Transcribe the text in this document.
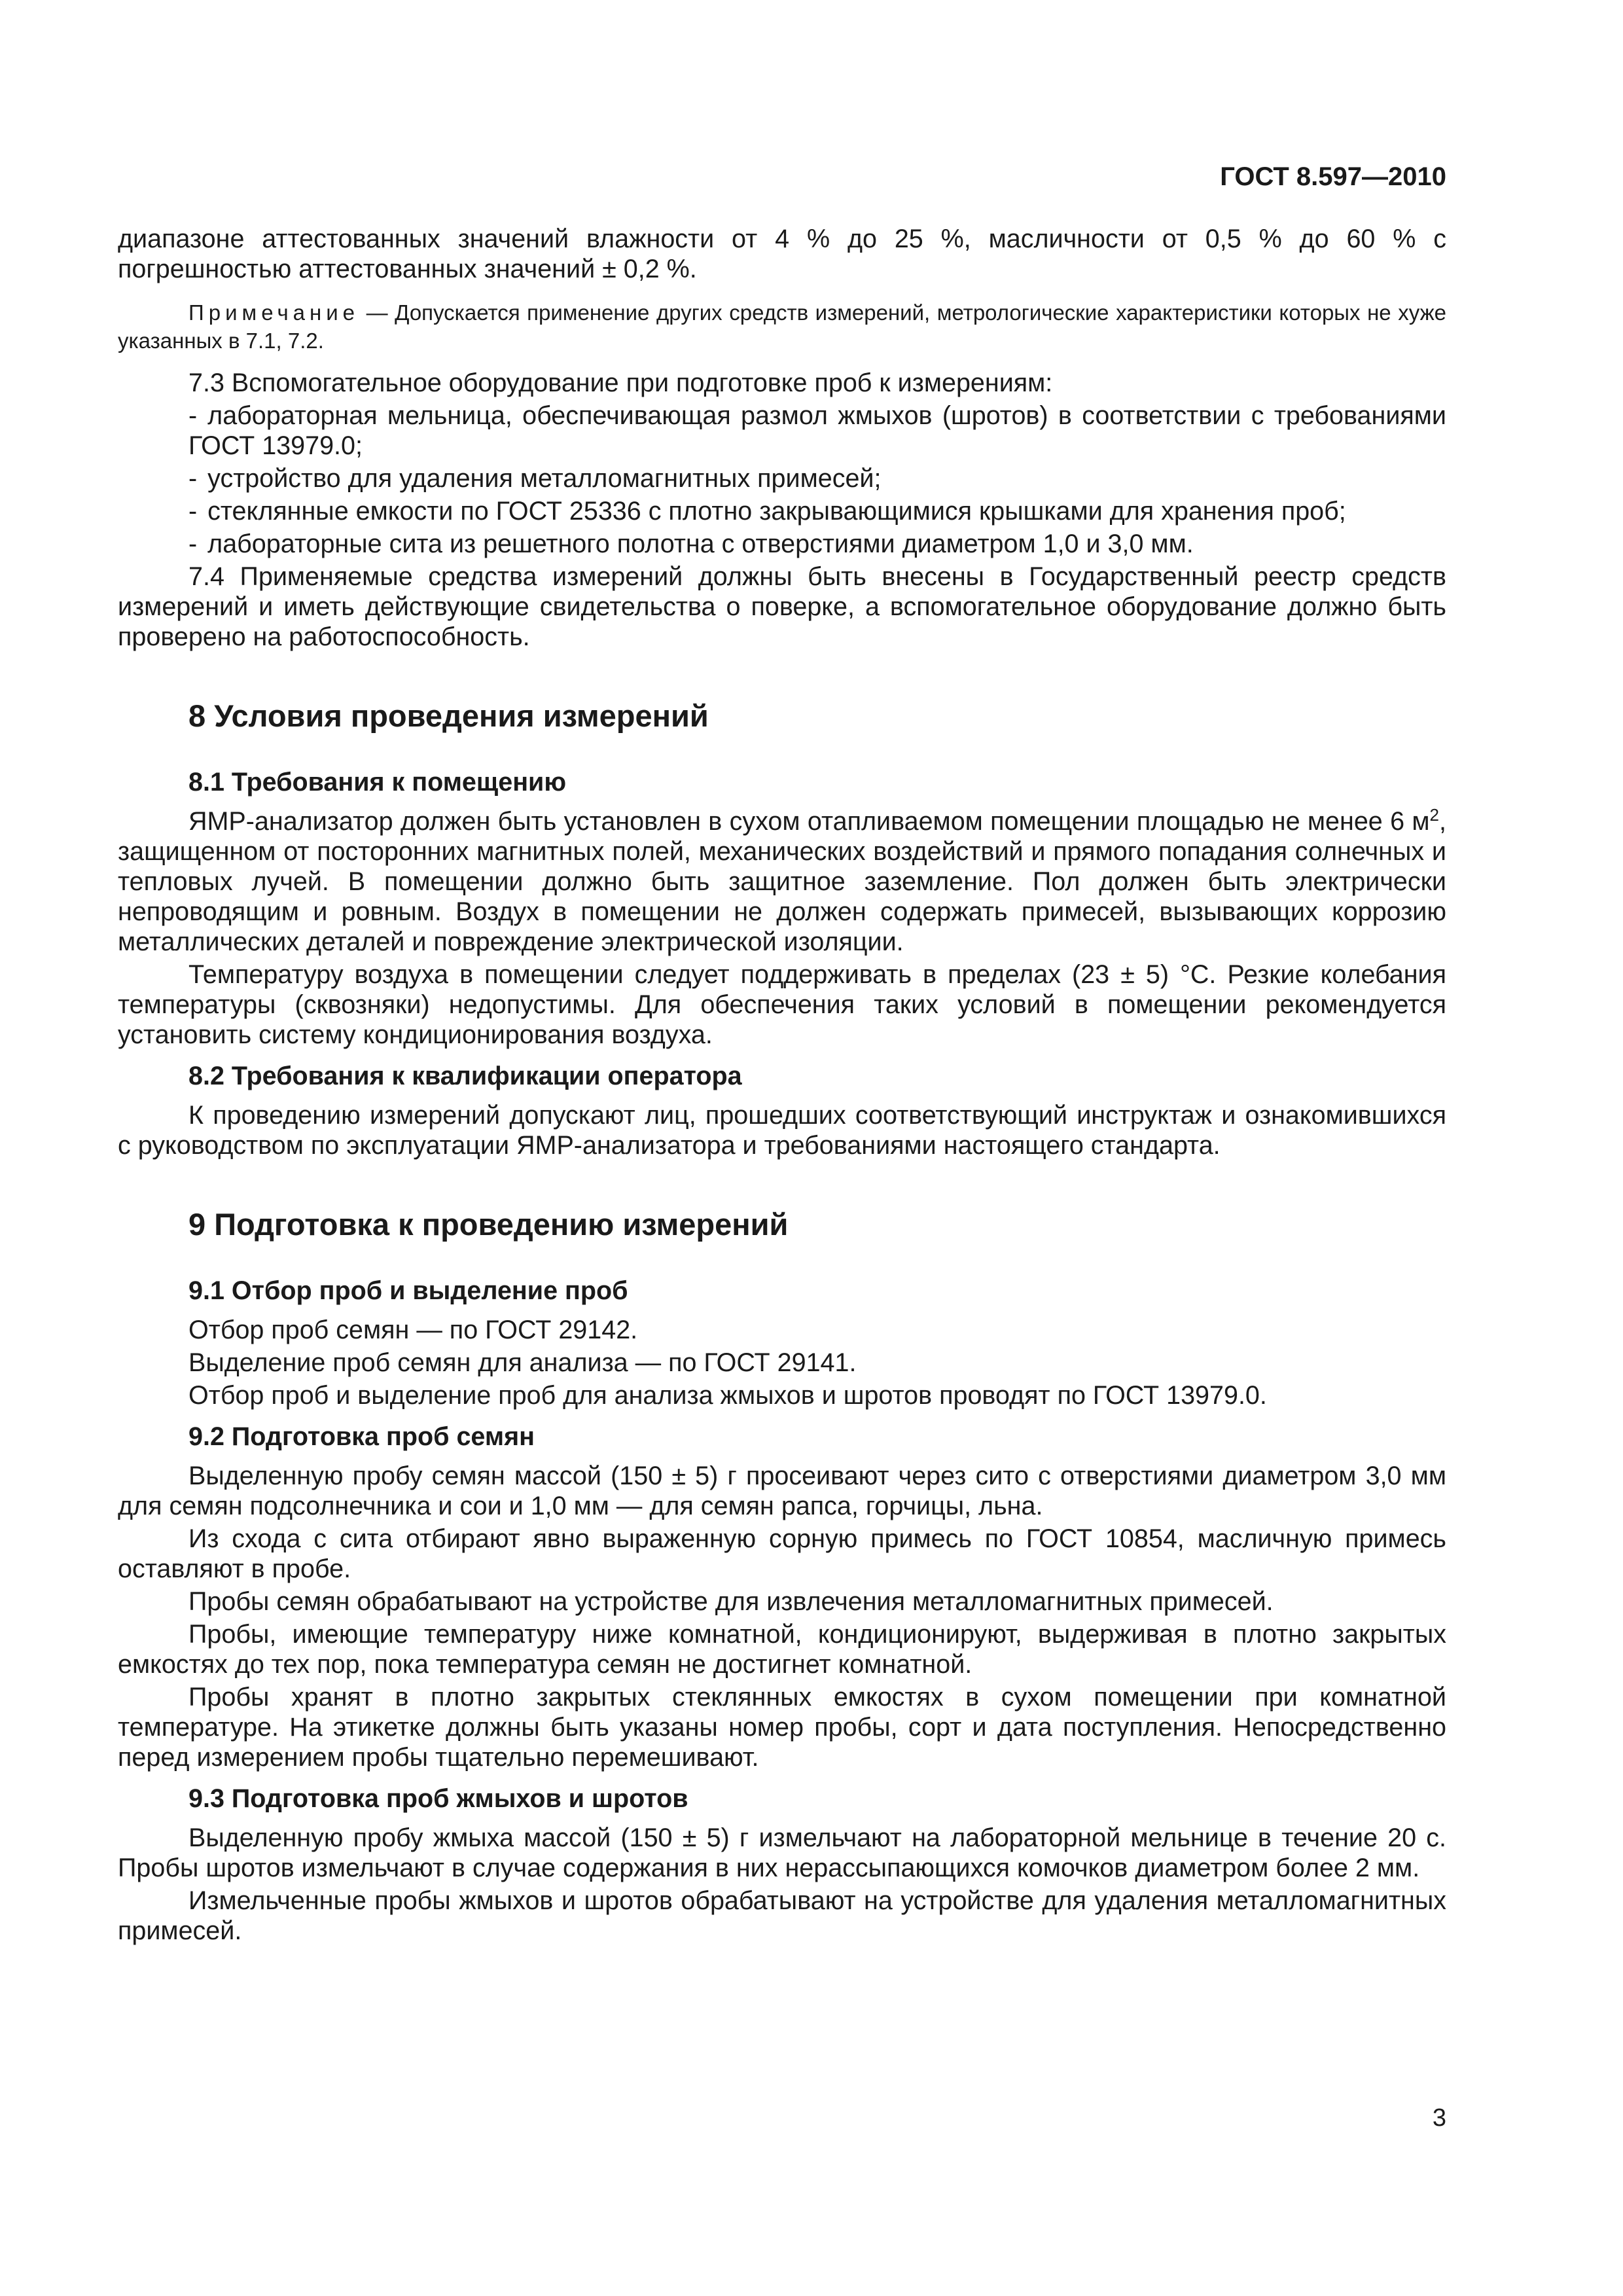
ГОСТ 8.597—2010

диапазоне аттестованных значений влажности от 4 % до 25 %, масличности от 0,5 % до 60 % с погрешностью аттестованных значений ± 0,2 %.

Примечание — Допускается применение других средств измерений, метрологические характеристики которых не хуже указанных в 7.1, 7.2.

7.3 Вспомогательное оборудование при подготовке проб к измерениям:

- лабораторная мельница, обеспечивающая размол жмыхов (шротов) в соответствии с требованиями ГОСТ 13979.0;

- устройство для удаления металломагнитных примесей;

- стеклянные емкости по ГОСТ 25336 с плотно закрывающимися крышками для хранения проб;

- лабораторные сита из решетного полотна с отверстиями диаметром 1,0 и 3,0 мм.

7.4 Применяемые средства измерений должны быть внесены в Государственный реестр средств измерений и иметь действующие свидетельства о поверке, а вспомогательное оборудование должно быть проверено на работоспособность.

8 Условия проведения измерений
8.1 Требования к помещению

ЯМР-анализатор должен быть установлен в сухом отапливаемом помещении площадью не менее 6 $м^2$, защищенном от посторонних магнитных полей, механических воздействий и прямого попадания солнечных и тепловых лучей. В помещении должно быть защитное заземление. Пол должен быть электрически непроводящим и ровным. Воздух в помещении не должен содержать примесей, вызывающих коррозию металлических деталей и повреждение электрической изоляции.

Температуру воздуха в помещении следует поддерживать в пределах (23 ± 5) °C. Резкие колебания температуры (сквозняки) недопустимы. Для обеспечения таких условий в помещении рекомендуется установить систему кондиционирования воздуха.

8.2 Требования к квалификации оператора

К проведению измерений допускают лиц, прошедших соответствующий инструктаж и ознакомившихся с руководством по эксплуатации ЯМР-анализатора и требованиями настоящего стандарта.

9 Подготовка к проведению измерений
9.1 Отбор проб и выделение проб

Отбор проб семян — по ГОСТ 29142.

Выделение проб семян для анализа — по ГОСТ 29141.

Отбор проб и выделение проб для анализа жмыхов и шротов проводят по ГОСТ 13979.0.

9.2 Подготовка проб семян

Выделенную пробу семян массой (150 ± 5) г просеивают через сито с отверстиями диаметром 3,0 мм для семян подсолнечника и сои и 1,0 мм — для семян рапса, горчицы, льна.

Из схода с сита отбирают явно выраженную сорную примесь по ГОСТ 10854, масличную примесь оставляют в пробе.

Пробы семян обрабатывают на устройстве для извлечения металломагнитных примесей.

Пробы, имеющие температуру ниже комнатной, кондиционируют, выдерживая в плотно закрытых емкостях до тех пор, пока температура семян не достигнет комнатной.

Пробы хранят в плотно закрытых стеклянных емкостях в сухом помещении при комнатной температуре. На этикетке должны быть указаны номер пробы, сорт и дата поступления. Непосредственно перед измерением пробы тщательно перемешивают.

9.3 Подготовка проб жмыхов и шротов

Выделенную пробу жмыха массой (150 ± 5) г измельчают на лабораторной мельнице в течение 20 с. Пробы шротов измельчают в случае содержания в них нерассыпающихся комочков диаметром более 2 мм.

Измельченные пробы жмыхов и шротов обрабатывают на устройстве для удаления металломагнитных примесей.

3
